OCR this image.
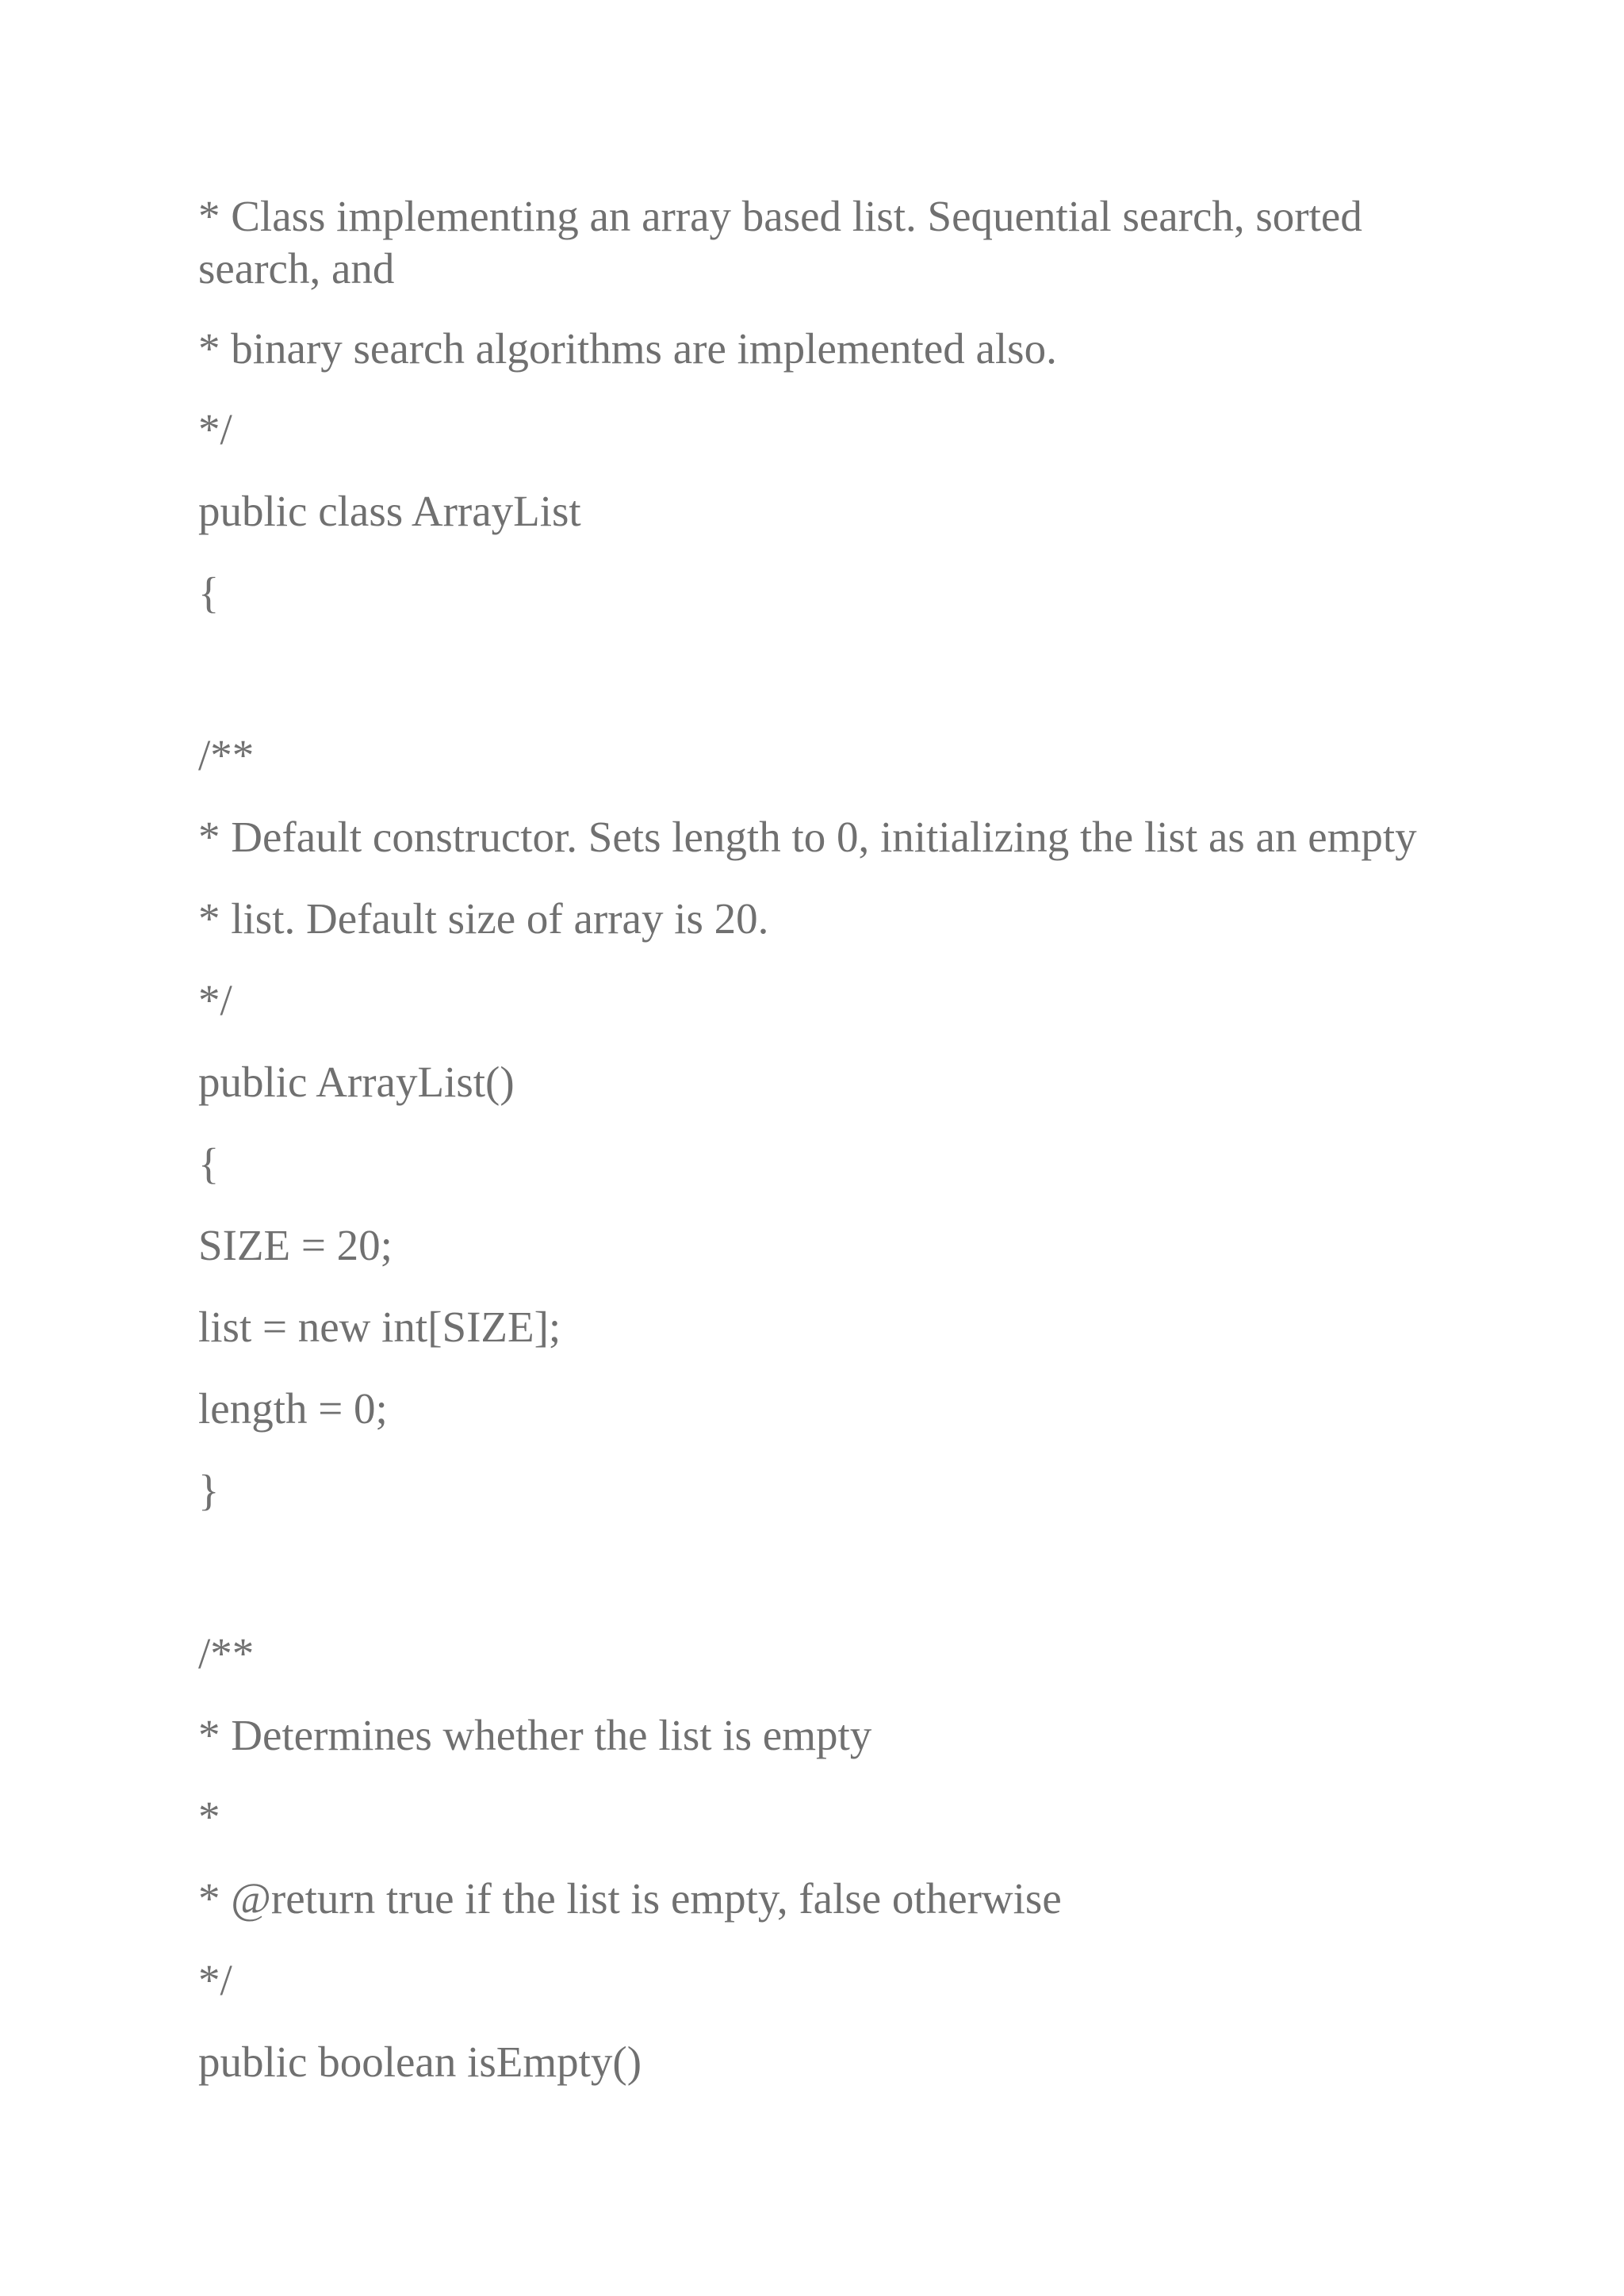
* Class implementing an array based list. Sequential search, sorted search, and

* binary search algorithms are implemented also.

*/

public class ArrayList

{

/**

* Default constructor. Sets length to 0, initializing the list as an empty

* list. Default size of array is 20.

*/

public ArrayList()

{

SIZE = 20;

list = new int[SIZE];

length = 0;

}

/**

* Determines whether the list is empty

*

* @return true if the list is empty, false otherwise

*/

public boolean isEmpty()
